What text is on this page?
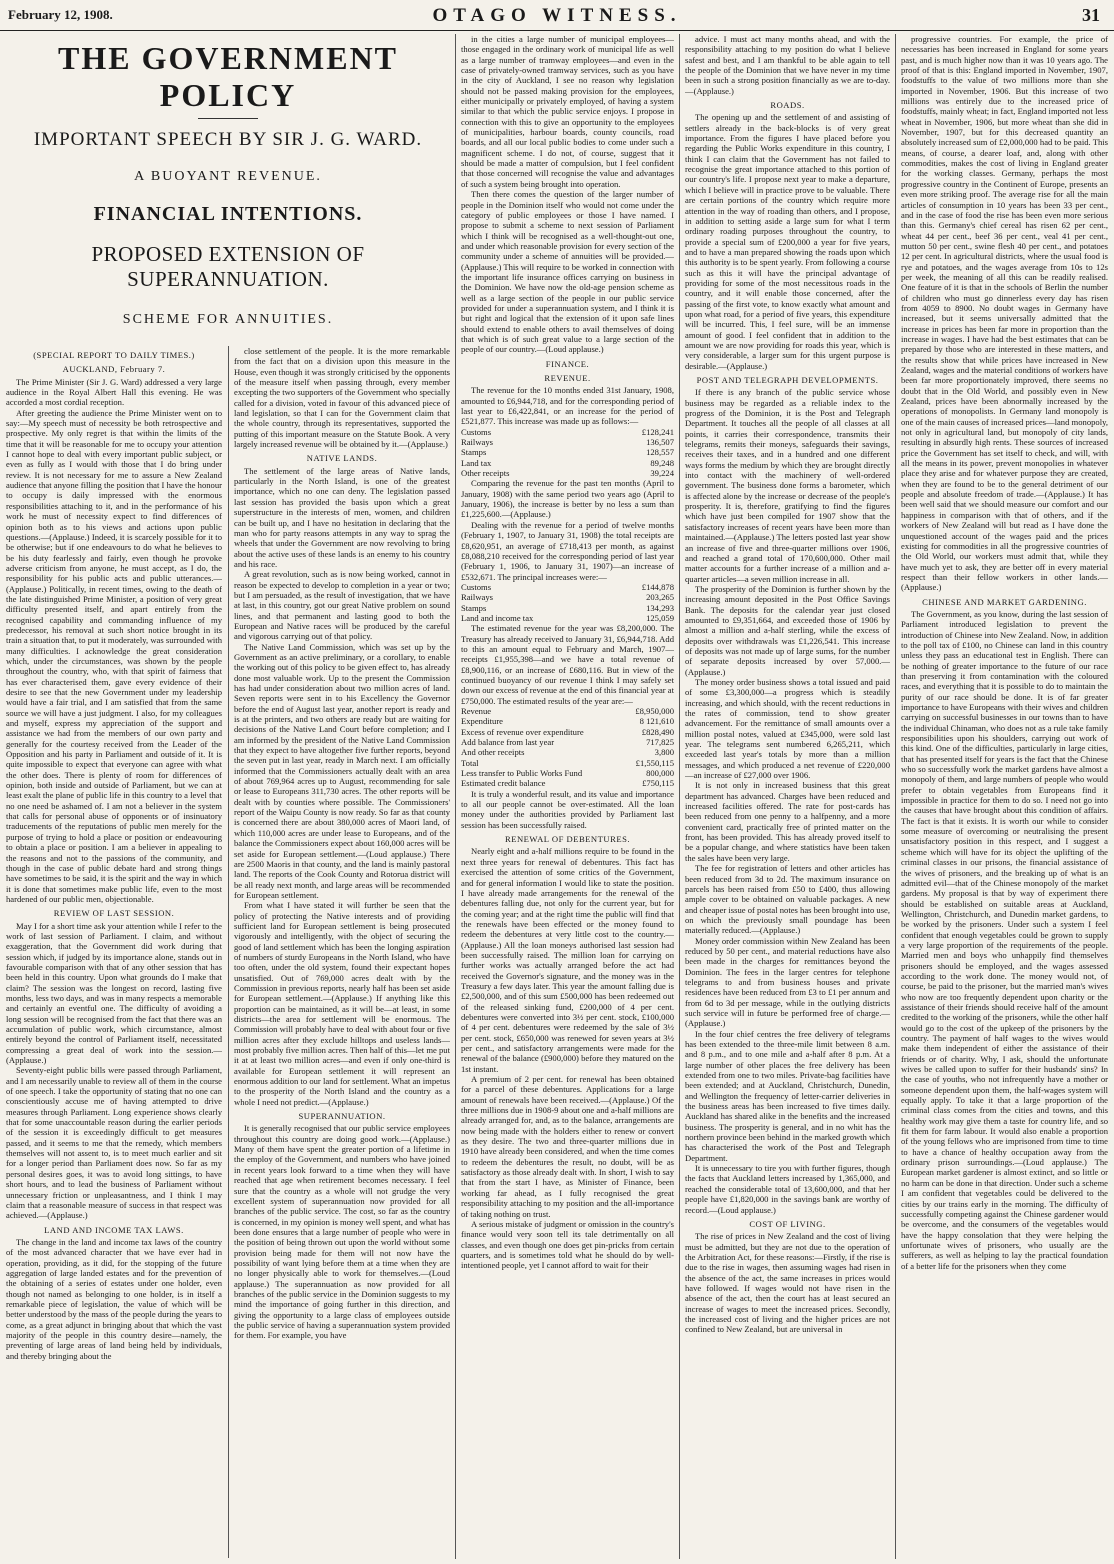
February 12, 1908.	OTAGO WITNESS.	31
THE GOVERNMENT POLICY
IMPORTANT SPEECH BY SIR J. G. WARD.
A BUOYANT REVENUE.
FINANCIAL INTENTIONS.
PROPOSED EXTENSION OF SUPERANNUATION.
SCHEME FOR ANNUITIES.

(SPECIAL REPORT TO DAILY TIMES.)

AUCKLAND, February 7.

The Prime Minister (Sir J. G. Ward) addressed a very large audience in the Royal Albert Hall this evening. He was accorded a most cordial reception.

After greeting the audience the Prime Minister went on to say:—My speech must of necessity be both retrospective and prospective. My only regret is that within the limits of the time that it will be reasonable for me to occupy your attention I cannot hope to deal with every important public subject, or even as fully as I would with those that I do bring under review. It is not necessary for me to assure a New Zealand audience that anyone filling the position that I have the honour to occupy is daily impressed with the enormous responsibilities attaching to it, and in the performance of his work he must of necessity expect to find differences of opinion both as to his views and actions upon public questions.—(Applause.) Indeed, it is scarcely possible for it to be otherwise; but if one endeavours to do what he believes to be his duty fearlessly and fairly, even though he provoke adverse criticism from anyone, he must accept, as I do, the responsibility for his public acts and public utterances.—(Applause.) Politically, in recent times, owing to the death of the late distinguished Prime Minister, a position of very great difficulty presented itself, and apart entirely from the recognised capability and commanding influence of my predecessor, his removal at such short notice brought in its train a situation that, to put it moderately, was surrounded with many difficulties. I acknowledge the great consideration which, under the circumstances, was shown by the people throughout the country, who, with that spirit of fairness that has ever characterised them, gave every evidence of their desire to see that the new Government under my leadership would have a fair trial, and I am satisfied that from the same source we will have a just judgment. I also, for my colleagues and myself, express my appreciation of the support and assistance we had from the members of our own party and generally for the courtesy received from the Leader of the Opposition and his party in Parliament and outside of it. It is quite impossible to expect that everyone can agree with what the other does. There is plenty of room for differences of opinion, both inside and outside of Parliament, but we can at least exalt the plane of public life in this country to a level that no one need be ashamed of. I am not a believer in the system that calls for personal abuse of opponents or of insinuatory traducements of the reputations of public men merely for the purpose of trying to hold a place or position or endeavouring to obtain a place or position. I am a believer in appealing to the reasons and not to the passions of the community, and though in the case of public debate hard and strong things have sometimes to be said, it is the spirit and the way in which it is done that sometimes make public life, even to the most hardened of our public men, objectionable.

REVIEW OF LAST SESSION.

May I for a short time ask your attention while I refer to the work of last session of Parliament. I claim, and without exaggeration, that the Government did work during that session which, if judged by its importance alone, stands out in favourable comparison with that of any other session that has been held in this country. Upon what grounds do I make that claim? The session was the longest on record, lasting five months, less two days, and was in many respects a memorable and certainly an eventful one. The difficulty of avoiding a long session will be recognised from the fact that there was an accumulation of public work, which circumstance, almost entirely beyond the control of Parliament itself, necessitated compressing a great deal of work into the session.—(Applause.)

Seventy-eight public bills were passed through Parliament, and I am necessarily unable to review all of them in the course of one speech. I take the opportunity of stating that no one can conscientiously accuse me of having attempted to drive measures through Parliament. Long experience shows clearly that for some unaccountable reason during the earlier periods of the session it is exceedingly difficult to get measures passed, and it seems to me that the remedy, which members themselves will not assent to, is to meet much earlier and sit for a longer period than Parliament does now. So far as my personal desires goes, it was to avoid long sittings, to have short hours, and to lead the business of Parliament without unnecessary friction or unpleasantness, and I think I may claim that a reasonable measure of success in that respect was achieved.—(Applause.)

LAND AND INCOME TAX LAWS.

The change in the land and income tax laws of the country of the most advanced character that we have ever had in operation, providing, as it did, for the stopping of the future aggregation of large landed estates and for the prevention of the obtaining of a series of estates under one holder, even though not named as belonging to one holder, is in itself a remarkable piece of legislation, the value of which will be better understood by the mass of the people during the years to come, as a great adjunct in bringing about that which the vast majority of the people in this country desire—namely, the preventing of large areas of land being held by individuals, and thereby bringing about the

close settlement of the people. It is the more remarkable from the fact that on a division upon this measure in the House, even though it was strongly criticised by the opponents of the measure itself when passing through, every member excepting the two supporters of the Government who specially called for a division, voted in favour of this advanced piece of land legislation, so that I can for the Government claim that the whole country, through its representatives, supported the putting of this important measure on the Statute Book. A very largely increased revenue will be obtained by it.—(Applause.)

NATIVE LANDS.

The settlement of the large areas of Native lands, particularly in the North Island, is one of the greatest importance, which no one can deny. The legislation passed last session has provided the basis upon which a great superstructure in the interests of men, women, and children can be built up, and I have no hesitation in declaring that the man who for party reasons attempts in any way to sprag the wheels that under the Government are now revolving to bring about the active uses of these lands is an enemy to his country and his race.

A great revolution, such as is now being worked, cannot in reason be expected to develop to completion in a year or two; but I am persuaded, as the result of investigation, that we have at last, in this country, got our great Native problem on sound lines, and that permanent and lasting good to both the European and Native races will be produced by the careful and vigorous carrying out of that policy.

The Native Land Commission, which was set up by the Government as an active preliminary, or a corollary, to enable the working out of this policy to be given effect to, has already done most valuable work. Up to the present the Commission has had under consideration about two million acres of land. Seven reports were sent in to his Excellency the Governor before the end of August last year, another report is ready and is at the printers, and two others are ready but are waiting for decisions of the Native Land Court before completion; and I am informed by the president of the Native Land Commission that they expect to have altogether five further reports, beyond the seven put in last year, ready in March next. I am officially informed that the Commissioners actually dealt with an area of about 769,964 acres up to August, recommending for sale or lease to Europeans 311,730 acres. The other reports will be dealt with by counties where possible. The Commissioners' report of the Waipu County is now ready. So far as that county is concerned there are about 380,000 acres of Maori land, of which 110,000 acres are under lease to Europeans, and of the balance the Commissioners expect about 160,000 acres will be set aside for European settlement.—(Loud applause.) There are 2500 Maoris in that county, and the land is mainly pastoral land. The reports of the Cook County and Rotorua district will be all ready next month, and large areas will be recommended for European settlement.

From what I have stated it will further be seen that the policy of protecting the Native interests and of providing sufficient land for European settlement is being prosecuted vigorously and intelligently, with the object of securing the good of land settlement which has been the longing aspiration of numbers of sturdy Europeans in the North Island, who have too often, under the old system, found their expectant hopes unsatisfied. Out of 769,000 acres dealt with by the Commission in previous reports, nearly half has been set aside for European settlement.—(Applause.) If anything like this proportion can be maintained, as it will be—at least, in some districts—the area for settlement will be enormous. The Commission will probably have to deal with about four or five million acres after they exclude hilltops and useless lands—most probably five million acres. Then half of this—let me put it at at least two million acres—and even if only one-third is available for European settlement it will represent an enormous addition to our land for settlement. What an impetus to the prosperity of the North Island and the country as a whole I need not predict.—(Applause.)

SUPERANNUATION.

It is generally recognised that our public service employees throughout this country are doing good work.—(Applause.) Many of them have spent the greater portion of a lifetime in the employ of the Government, and numbers who have joined in recent years look forward to a time when they will have reached that age when retirement becomes necessary. I feel sure that the country as a whole will not grudge the very excellent system of superannuation now provided for all branches of the public service. The cost, so far as the country is concerned, in my opinion is money well spent, and what has been done ensures that a large number of people who were in the position of being thrown out upon the world without some provision being made for them will not now have the possibility of want lying before them at a time when they are no longer physically able to work for themselves.—(Loud applause.) The superannuation as now provided for all branches of the public service in the Dominion suggests to my mind the importance of going further in this direction, and giving the opportunity to a large class of employees outside the public service of having a superannuation system provided for them. For example, you have

in the cities a large number of municipal employees—those engaged in the ordinary work of municipal life as well as a large number of tramway employees—and even in the case of privately-owned tramway services, such as you have in the city of Auckland, I see no reason why legislation should not be passed making provision for the employees, either municipally or privately employed, of having a system similar to that which the public service enjoys. I propose in connection with this to give an opportunity to the employees of municipalities, harbour boards, county councils, road boards, and all our local public bodies to come under such a magnificent scheme. I do not, of course, suggest that it should be made a matter of compulsion, but I feel confident that those concerned will recognise the value and advantages of such a system being brought into operation.

Then there comes the question of the larger number of people in the Dominion itself who would not come under the category of public employees or those I have named. I propose to submit a scheme to next session of Parliament which I think will be recognised as a well-thought-out one, and under which reasonable provision for every section of the community under a scheme of annuities will be provided.—(Applause.) This will require to be worked in connection with the important life insurance offices carrying on business in the Dominion. We have now the old-age pension scheme as well as a large section of the people in our public service provided for under a superannuation system, and I think it is but right and logical that the extension of it upon safe lines should extend to enable others to avail themselves of doing that which is of such great value to a large section of the people of our country.—(Loud applause.)

FINANCE.

REVENUE.

The revenue for the 10 months ended 31st January, 1908, amounted to £6,944,718, and for the corresponding period of last year to £6,422,841, or an increase for the period of £521,877. This increase was made up as follows:—

Customs	£128,241
Railways	136,507
Stamps	128,557
Land tax	89,248
Other receipts	39,224

Comparing the revenue for the past ten months (April to January, 1908) with the same period two years ago (April to January, 1906), the increase is better by no less a sum than £1,225,600.—(Applause.)

Dealing with the revenue for a period of twelve months (February 1, 1907, to January 31, 1908) the total receipts are £8,620,951, an average of £718,413 per month, as against £8,088,210 received for the corresponding period of last year (February 1, 1906, to January 31, 1907)—an increase of £532,671. The principal increases were:—

Customs	£144,878
Railways	203,265
Stamps	134,293
Land and income tax	125,059

The estimated revenue for the year was £8,200,000. The Treasury has already received to January 31, £6,944,718. Add to this an amount equal to February and March, 1907—receipts £1,955,398—and we have a total revenue of £8,900,116, or an increase of £680,116. But in view of the continued buoyancy of our revenue I think I may safely set down our excess of revenue at the end of this financial year at £750,000. The estimated results of the year are:—

Revenue	£8,950,000
Expenditure	8 121,610
Excess of revenue over expenditure	£828,490
Add balance from last year	717,825
And other receipts	3,800
Total	£1,550,115
Less transfer to Public Works Fund	800,000
Estimated credit balance	£750,115

It is truly a wonderful result, and its value and importance to all our people cannot be over-estimated. All the loan money under the authorities provided by Parliament last session has been successfully raised.

RENEWAL OF DEBENTURES.

Nearly eight and a-half millions require to be found in the next three years for renewal of debentures. This fact has exercised the attention of some critics of the Government, and for general information I would like to state the position. I have already made arrangements for the renewal of the debentures falling due, not only for the current year, but for the coming year; and at the right time the public will find that the renewals have been effected or the money found to redeem the debentures at very little cost to the country.—(Applause.) All the loan moneys authorised last session had been successfully raised. The million loan for carrying on further works was actually arranged before the act had received the Governor's signature, and the money was in the Treasury a few days later. This year the amount falling due is £2,500,000, and of this sum £500,000 has been redeemed out of the released sinking fund, £200,000 of 4 per cent. debentures were converted into 3½ per cent. stock, £100,000 of 4 per cent. debentures were redeemed by the sale of 3½ per cent. stock, £650,000 was renewed for seven years at 3½ per cent., and satisfactory arrangements were made for the renewal of the balance (£900,000) before they matured on the 1st instant.

A premium of 2 per cent. for renewal has been obtained for a parcel of these debentures. Applications for a large amount of renewals have been received.—(Applause.) Of the three millions due in 1908-9 about one and a-half millions are already arranged for, and, as to the balance, arrangements are now being made with the holders either to renew or convert as they desire. The two and three-quarter millions due in 1910 have already been considered, and when the time comes to redeem the debentures the result, no doubt, will be as satisfactory as those already dealt with. In short, I wish to say that from the start I have, as Minister of Finance, been working far ahead, as I fully recognised the great responsibility attaching to my position and the all-importance of taking nothing on trust.

A serious mistake of judgment or omission in the country's finance would very soon tell its tale detrimentally on all classes, and even though one does get pin-pricks from certain quarters, and is sometimes told what he should do by well-intentioned people, yet I cannot afford to wait for their

advice. I must act many months ahead, and with the responsibility attaching to my position do what I believe safest and best, and I am thankful to be able again to tell the people of the Dominion that we have never in my time been in such a strong position financially as we are to-day.—(Applause.)

ROADS.

The opening up and the settlement of and assisting of settlers already in the back-blocks is of very great importance. From the figures I have placed before you regarding the Public Works expenditure in this country, I think I can claim that the Government has not failed to recognise the great importance attached to this portion of our country's life. I propose next year to make a departure, which I believe will in practice prove to be valuable. There are certain portions of the country which require more attention in the way of roading than others, and I propose, in addition to setting aside a large sum for what I term ordinary roading purposes throughout the country, to provide a special sum of £200,000 a year for five years, and to have a man prepared showing the roads upon which this authority is to be spent yearly. From following a course such as this it will have the principal advantage of providing for some of the most necessitous roads in the country, and it will enable those concerned, after the passing of the first vote, to know exactly what amount and upon what road, for a period of five years, this expenditure will be incurred. This, I feel sure, will be an immense amount of good. I feel confident that in addition to the amount we are now providing for roads this year, which is very considerable, a larger sum for this urgent purpose is desirable.—(Applause.)

POST AND TELEGRAPH DEVELOPMENTS.

If there is any branch of the public service whose business may be regarded as a reliable index to the progress of the Dominion, it is the Post and Telegraph Department. It touches all the people of all classes at all points, it carries their correspondence, transmits their telegrams, remits their moneys, safeguards their savings, receives their taxes, and in a hundred and one different ways forms the medium by which they are brought directly into contact with the machinery of well-ordered government. The business done forms a barometer, which is affected alone by the increase or decrease of the people's prosperity. It is, therefore, gratifying to find the figures which have just been compiled for 1907 show that the satisfactory increases of recent years have been more than maintained.—(Applause.) The letters posted last year show an increase of five and three-quarter millions over 1906, and reached a grand total of 170,600,000. Other mail matter accounts for a further increase of a million and a-quarter articles—a seven million increase in all.

The prosperity of the Dominion is further shown by the increasing amount deposited in the Post Office Savings Bank. The deposits for the calendar year just closed amounted to £9,351,664, and exceeded those of 1906 by almost a million and a-half sterling, while the excess of deposits over withdrawals was £1,226,541. This increase of deposits was not made up of large sums, for the number of separate deposits increased by over 57,000.—(Applause.)

The money order business shows a total issued and paid of some £3,300,000—a progress which is steadily increasing, and which should, with the recent reductions in the rates of commission, tend to show greater advancement. For the remittance of small amounts over a million postal notes, valued at £345,000, were sold last year. The telegrams sent numbered 6,265,211, which exceeded last year's totals by more than a million messages, and which produced a net revenue of £220,000—an increase of £27,000 over 1906.

It is not only in increased business that this great department has advanced. Charges have been reduced and increased facilities offered. The rate for post-cards has been reduced from one penny to a halfpenny, and a more convenient card, practically free of printed matter on the front, has been provided. This has already proved itself to be a popular change, and where statistics have been taken the sales have been very large.

The fee for registration of letters and other articles has been reduced from 3d to 2d. The maximum insurance on parcels has been raised from £50 to £400, thus allowing ample cover to be obtained on valuable packages. A new and cheaper issue of postal notes has been brought into use, on which the previously small poundage has been materially reduced.—(Applause.)

Money order commission within New Zealand has been reduced by 50 per cent., and material reductions have also been made in the charges for remittances beyond the Dominion. The fees in the larger centres for telephone telegrams to and from business houses and private residences have been reduced from £3 to £1 per annum and from 6d to 3d per message, while in the outlying districts such service will in future be performed free of charge.—(Applause.)

In the four chief centres the free delivery of telegrams has been extended to the three-mile limit between 8 a.m. and 8 p.m., and to one mile and a-half after 8 p.m. At a large number of other places the free delivery has been extended from one to two miles. Private-bag facilities have been extended; and at Auckland, Christchurch, Dunedin, and Wellington the frequency of letter-carrier deliveries in the business areas has been increased to five times daily. Auckland has shared alike in the benefits and the increased business. The prosperity is general, and in no whit has the northern province been behind in the marked growth which has characterised the work of the Post and Telegraph Department.

It is unnecessary to tire you with further figures, though the facts that Auckland letters increased by 1,365,000, and reached the considerable total of 13,600,000, and that her people have £1,820,000 in the savings bank are worthy of record.—(Loud applause.)

COST OF LIVING.

The rise of prices in New Zealand and the cost of living must be admitted, but they are not due to the operation of the Arbitration Act, for these reasons:—Firstly, if the rise is due to the rise in wages, then assuming wages had risen in the absence of the act, the same increases in prices would have followed. If wages would not have risen in the absence of the act, then the court has at least secured an increase of wages to meet the increased prices. Secondly, the increased cost of living and the higher prices are not confined to New Zealand, but are universal in

progressive countries. For example, the price of necessaries has been increased in England for some years past, and is much higher now than it was 10 years ago. The proof of that is this: England imported in November, 1907, foodstuffs to the value of two millions more than she imported in November, 1906. But this increase of two millions was entirely due to the increased price of foodstuffs, mainly wheat; in fact, England imported not less wheat in November, 1906, but more wheat than she did in November, 1907, but for this decreased quantity an absolutely increased sum of £2,000,000 had to be paid. This means, of course, a dearer loaf, and, along with other commodities, makes the cost of living in England greater for the working classes. Germany, perhaps the most progressive country in the Continent of Europe, presents an even more striking proof. The average rise for all the main articles of consumption in 10 years has been 33 per cent., and in the case of food the rise has been even more serious than this. Germany's chief cereal has risen 62 per cent., wheat 44 per cent., beef 36 per cent., veal 41 per cent., mutton 50 per cent., swine flesh 40 per cent., and potatoes 12 per cent. In agricultural districts, where the usual food is rye and potatoes, and the wages average from 10s to 12s per week, the meaning of all this can be readily realised. One feature of it is that in the schools of Berlin the number of children who must go dinnerless every day has risen from 4059 to 8900. No doubt wages in Germany have increased, but it seems universally admitted that the increase in prices has been far more in proportion than the increase in wages. I have had the best estimates that can be prepared by those who are interested in these matters, and the results show that while prices have increased in New Zealand, wages and the material conditions of workers have been far more proportionately improved, there seems no doubt that in the Old World, and possibly even in New Zealand, prices have been abnormally increased by the operations of monopolists. In Germany land monopoly is one of the main causes of increased prices—land monopoly, not only in agricultural land, but monopoly of city lands, resulting in absurdly high rents. These sources of increased price the Government has set itself to check, and will, with all the means in its power, prevent monopolies in whatever place they arise and for whatever purpose they are created, when they are found to be to the general detriment of our people and absolute freedom of trade.—(Applause.) It has been well said that we should measure our comfort and our happiness in comparison with that of others, and if the workers of New Zealand will but read as I have done the unquestioned account of the wages paid and the prices existing for commodities in all the progressive countries of the Old World, our workers must admit that, while they have much yet to ask, they are better off in every material respect than their fellow workers in other lands.—(Applause.)

CHINESE AND MARKET GARDENING.

The Government, as you know, during the last session of Parliament introduced legislation to prevent the introduction of Chinese into New Zealand. Now, in addition to the poll tax of £100, no Chinese can land in this country unless they pass an educational test in English. There can be nothing of greater importance to the future of our race than preserving it from contamination with the coloured races, and everything that it is possible to do to maintain the purity of our race should be done. It is of far greater importance to have Europeans with their wives and children carrying on successful businesses in our towns than to have the individual Chinaman, who does not as a rule take family responsibilities upon his shoulders, carrying out work of this kind. One of the difficulties, particularly in large cities, that has presented itself for years is the fact that the Chinese who so successfully work the market gardens have almost a monopoly of them, and large numbers of people who would prefer to obtain vegetables from Europeans find it impossible in practice for them to do so. I need not go into the causes that have brought about this condition of affairs. The fact is that it exists. It is worth our while to consider some measure of overcoming or neutralising the present unsatisfactory position in this respect, and I suggest a scheme which will have for its object the uplifting of the criminal classes in our prisons, the financial assistance of the wives of prisoners, and the breaking up of what is an admitted evil—that of the Chinese monopoly of the market gardens. My proposal is that by way of experiment there should be established on suitable areas at Auckland, Wellington, Christchurch, and Dunedin market gardens, to be worked by the prisoners. Under such a system I feel confident that enough vegetables could be grown to supply a very large proportion of the requirements of the people. Married men and boys who unhappily find themselves prisoners should be employed, and the wages assessed according to the work done. The money would not, of course, be paid to the prisoner, but the married man's wives who now are too frequently dependent upon charity or the assistance of their friends should receive half of the amount credited to the working of the prisoners, while the other half would go to the cost of the upkeep of the prisoners by the country. The payment of half wages to the wives would make them independent of either the assistance of their friends or of charity. Why, I ask, should the unfortunate wives be called upon to suffer for their husbands' sins? In the case of youths, who not infrequently have a mother or someone dependent upon them, the half-wages system will equally apply. To take it that a large proportion of the criminal class comes from the cities and towns, and this healthy work may give them a taste for country life, and so fit them for farm labour. It would also enable a proportion of the young fellows who are imprisoned from time to time to have a chance of healthy occupation away from the ordinary prison surroundings.—(Loud applause.) The European market gardener is almost extinct, and so little or no harm can be done in that direction. Under such a scheme I am confident that vegetables could be delivered to the cities by our trains early in the morning. The difficulty of successfully competing against the Chinese gardener would be overcome, and the consumers of the vegetables would have the happy consolation that they were helping the unfortunate wives of prisoners, who usually are the sufferers, as well as helping to lay the practical foundation of a better life for the prisoners when they come
